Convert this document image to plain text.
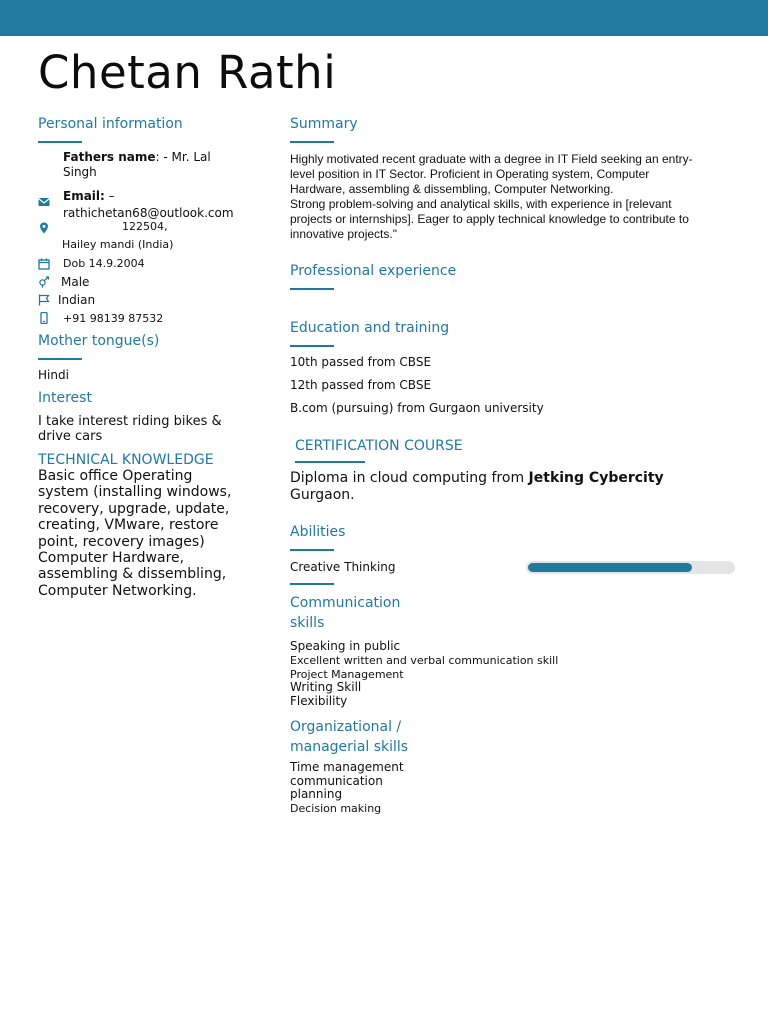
Chetan Rathi
Personal information
Fathers name: - Mr. Lal
Singh
Email: –
rathichetan68@outlook.com
122504,
Hailey mandi (India)
Dob 14.9.2004
Male
Indian
+91 98139 87532
Mother tongue(s)
Hindi
Interest
I take interest riding bikes &
drive cars
TECHNICAL KNOWLEDGE
Basic office Operating
system (installing windows,
recovery, upgrade, update,
creating, VMware, restore
point, recovery images)
Computer Hardware,
assembling & dissembling,
Computer Networking.
Summary
Highly motivated recent graduate with a degree in IT Field seeking an entry-
level position in IT Sector. Proficient in Operating system, Computer
Hardware, assembling & dissembling, Computer Networking.
Strong problem-solving and analytical skills, with experience in [relevant
projects or internships]. Eager to apply technical knowledge to contribute to
innovative projects."
Professional experience
Education and training
10th passed from CBSE
12th passed from CBSE
B.com (pursuing) from Gurgaon university
CERTIFICATION COURSE
Diploma in cloud computing from Jetking Cybercity
Gurgaon.
Abilities
Creative Thinking
Communication
skills
Speaking in public
Excellent written and verbal communication skill
Project Management
Writing Skill
Flexibility
Organizational /
managerial skills
Time management
communication
planning
Decision making
